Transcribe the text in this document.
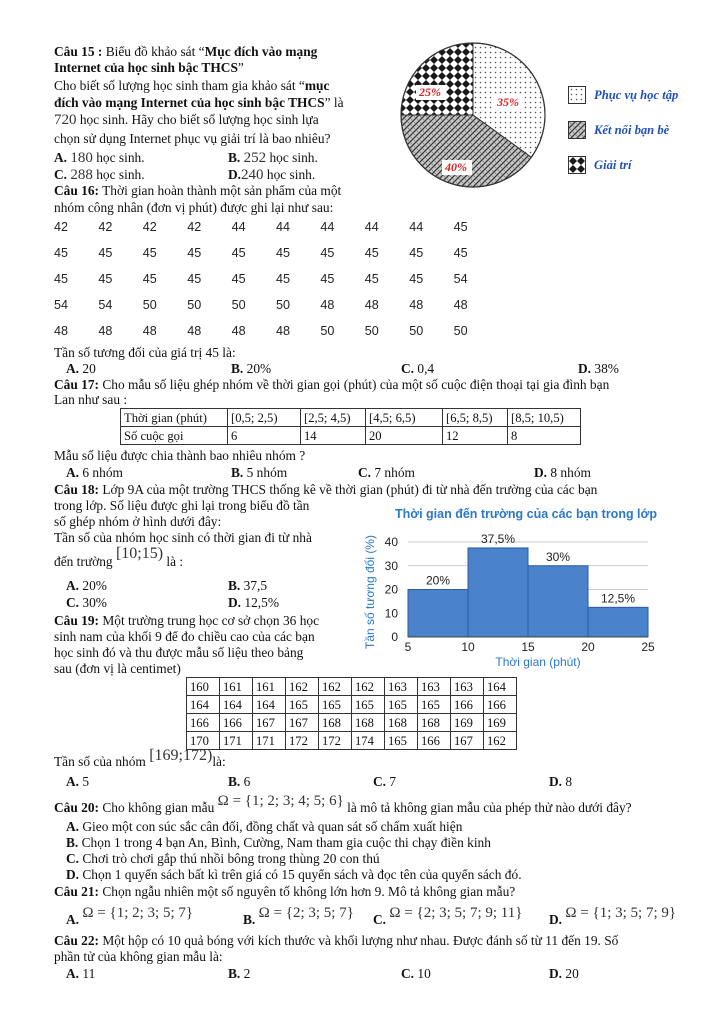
Câu 15 : Biểu đồ khảo sát “Mục đích vào mạng
Internet của học sinh bậc THCS”
Cho biết số lượng học sinh tham gia khảo sát “mục
đích vào mạng Internet của học sinh bậc THCS” là
720 học sinh. Hãy cho biết số lượng học sinh lựa
chọn sử dụng Internet phục vụ giải trí là bao nhiêu?
A. 180 học sinh.	B. 252 học sinh.
C. 288 học sinh.	D.240 học sinh.
35%
40%
25%	Phục vụ học tập
Kết nối bạn bè
Giải trí
Câu 16: Thời gian hoàn thành một sản phẩm của một
nhóm công nhân (đơn vị phút) được ghi lại như sau:
42 42 42 42 44 44 44 44 44 45
45 45 45 45 45 45 45 45 45 45
45 45 45 45 45 45 45 45 45 54
54 54 50 50 50 50 48 48 48 48
48 48 48 48 48 48 50 50 50 50
Tần số tương đối của giá trị 45 là:
A. 20	B. 20%	C. 0,4	D. 38%
Câu 17: Cho mẫu số liệu ghép nhóm về thời gian gọi (phút) của một số cuộc điện thoại tại gia đình bạn
Lan như sau :
Thời gian (phút)	[0,5; 2,5)	[2,5; 4,5)	[4,5; 6,5)	[6,5; 8,5)	[8,5; 10,5)
Số cuộc gọi	6	14	20	12	8
Mẫu số liệu được chia thành bao nhiêu nhóm ?
A. 6 nhóm	B. 5 nhóm	C. 7 nhóm	D. 8 nhóm
Câu 18: Lớp 9A của một trường THCS thống kê về thời gian (phút) đi từ nhà đến trường của các bạn
trong lớp. Số liệu được ghi lại trong biểu đồ tần
số ghép nhóm ở hình dưới đây:
Tần số của nhóm học sinh có thời gian đi từ nhà
đến trường [10;15) là :
A. 20%	B. 37,5
C. 30%	D. 12,5%
Thời gian đến trường của các bạn trong lớp
20%
37,5%
30%
12,5%
5	10	15	20	25
0
10
20
30
40
Thời gian (phút)
Tần số tương đối (%)
Câu 19: Một trường trung học cơ sở chọn 36 học
sinh nam của khối 9 để đo chiều cao của các bạn
học sinh đó và thu được mẫu số liệu theo bảng
sau (đơn vị là centimet)
160	161	161	162	162	162	163	163	163	164
164	164	164	165	165	165	165	165	166	166
166	166	167	167	168	168	168	168	169	169
170	171	171	172	172	174	165	166	167	162
Tần số của nhóm [169;172)là:
A. 5	B. 6	C. 7	D. 8
Câu 20: Cho không gian mẫu Ω = {1; 2; 3; 4; 5; 6} là mô tả không gian mẫu của phép thử nào dưới đây?
A. Gieo một con súc sắc cân đối, đồng chất và quan sát số chấm xuất hiện
B. Chọn 1 trong 4 bạn An, Bình, Cường, Nam tham gia cuộc thi chạy điền kinh
C. Chơi trò chơi gắp thú nhồi bông trong thùng 20 con thú
D. Chọn 1 quyển sách bất kì trên giá có 15 quyển sách và đọc tên của quyển sách đó.
Câu 21: Chọn ngẫu nhiên một số nguyên tố không lớn hơn 9. Mô tả không gian mẫu?
A. Ω = {1; 2; 3; 5; 7}	B. Ω = {2; 3; 5; 7} C. Ω = {2; 3; 5; 7; 9; 11} D. Ω = {1; 3; 5; 7; 9}
Câu 22: Một hộp có 10 quả bóng với kích thước và khối lượng như nhau. Được đánh số từ 11 đến 19. Số
phần tử của không gian mẫu là:
A. 11	B. 2	C. 10	D. 20
